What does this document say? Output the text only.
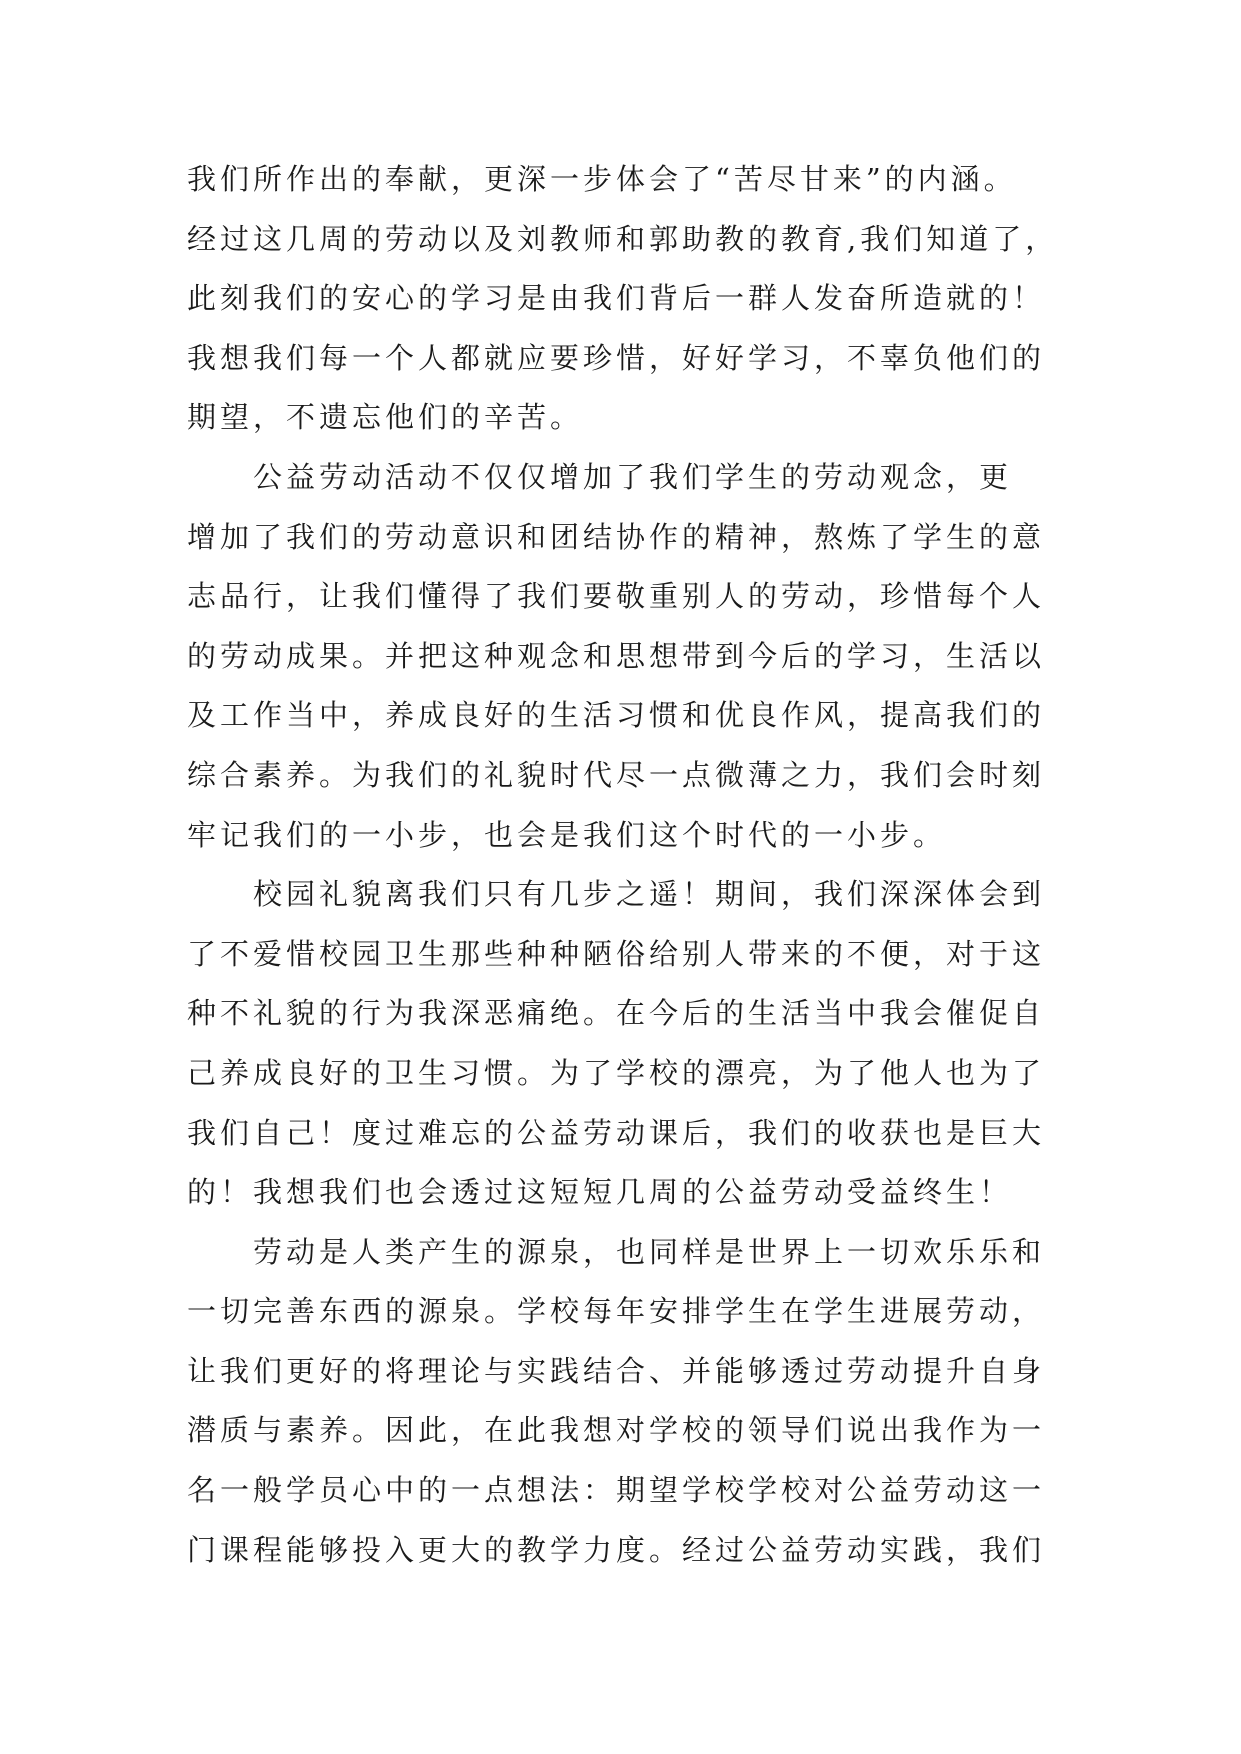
我们所作出的奉献，更深一步体会了“苦尽甘来”的内涵。
经过这几周的劳动以及刘教师和郭助教的教育,我们知道了，
此刻我们的安心的学习是由我们背后一群人发奋所造就的！
我想我们每一个人都就应要珍惜，好好学习，不辜负他们的
期望，不遗忘他们的辛苦。
　　公益劳动活动不仅仅增加了我们学生的劳动观念，更
增加了我们的劳动意识和团结协作的精神，熬炼了学生的意
志品行，让我们懂得了我们要敬重别人的劳动，珍惜每个人
的劳动成果。并把这种观念和思想带到今后的学习，生活以
及工作当中，养成良好的生活习惯和优良作风，提高我们的
综合素养。为我们的礼貌时代尽一点微薄之力，我们会时刻
牢记我们的一小步，也会是我们这个时代的一小步。
　　校园礼貌离我们只有几步之遥！期间，我们深深体会到
了不爱惜校园卫生那些种种陋俗给别人带来的不便，对于这
种不礼貌的行为我深恶痛绝。在今后的生活当中我会催促自
己养成良好的卫生习惯。为了学校的漂亮，为了他人也为了
我们自己！度过难忘的公益劳动课后，我们的收获也是巨大
的！我想我们也会透过这短短几周的公益劳动受益终生！
　　劳动是人类产生的源泉，也同样是世界上一切欢乐乐和
一切完善东西的源泉。学校每年安排学生在学生进展劳动，
让我们更好的将理论与实践结合、并能够透过劳动提升自身
潜质与素养。因此，在此我想对学校的领导们说出我作为一
名一般学员心中的一点想法：期望学校学校对公益劳动这一
门课程能够投入更大的教学力度。经过公益劳动实践，我们
